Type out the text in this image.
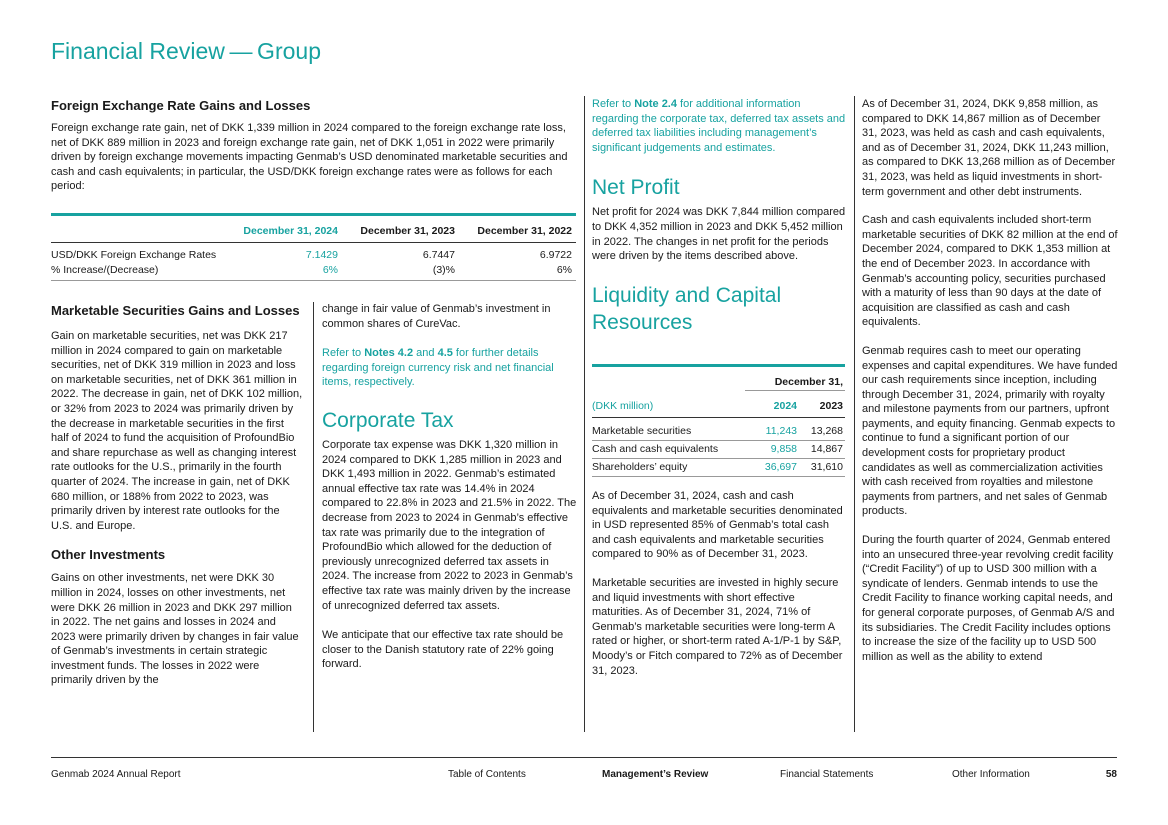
Financial Review — Group
Foreign Exchange Rate Gains and Losses

Foreign exchange rate gain, net of DKK 1,339 million in 2024 compared to the foreign exchange rate loss, net of DKK 889 million in 2023 and foreign exchange rate gain, net of DKK 1,051 in 2022 were primarily driven by foreign exchange movements impacting Genmab’s USD denominated marketable securities and cash and cash equivalents; in particular, the USD/DKK foreign exchange rates were as follows for each period:

	December 31, 2024	December 31, 2023	December 31, 2022
USD/DKK Foreign Exchange Rates	7.1429	6.7447	6.9722
% Increase/(Decrease)	6%	(3)%	6%
Marketable Securities Gains and Losses

Gain on marketable securities, net was DKK 217 million in 2024 compared to gain on marketable securities, net of DKK 319 million in 2023 and loss on marketable securities, net of DKK 361 million in 2022. The decrease in gain, net of DKK 102 million, or 32% from 2023 to 2024 was primarily driven by the decrease in marketable securities in the first half of 2024 to fund the acquisition of ProfoundBio and share repurchase as well as changing interest rate outlooks for the U.S., primarily in the fourth quarter of 2024. The increase in gain, net of DKK 680 million, or 188% from 2022 to 2023, was primarily driven by interest rate outlooks for the U.S. and Europe.

Other Investments

Gains on other investments, net were DKK 30 million in 2024, losses on other investments, net were DKK 26 million in 2023 and DKK 297 million in 2022. The net gains and losses in 2024 and 2023 were primarily driven by changes in fair value of Genmab’s investments in certain strategic investment funds. The losses in 2022 were primarily driven by the

change in fair value of Genmab’s investment in common shares of CureVac.

Refer to Notes 4.2 and 4.5 for further details regarding foreign currency risk and net financial items, respectively.

Corporate Tax

Corporate tax expense was DKK 1,320 million in 2024 compared to DKK 1,285 million in 2023 and DKK 1,493 million in 2022. Genmab’s estimated annual effective tax rate was 14.4% in 2024 compared to 22.8% in 2023 and 21.5% in 2022. The decrease from 2023 to 2024 in Genmab’s effective tax rate was primarily due to the integration of ProfoundBio which allowed for the deduction of previously unrecognized deferred tax assets in 2024. The increase from 2022 to 2023 in Genmab’s effective tax rate was mainly driven by the increase of unrecognized deferred tax assets.

We anticipate that our effective tax rate should be closer to the Danish statutory rate of 22% going forward.

Refer to Note 2.4 for additional information regarding the corporate tax, deferred tax assets and deferred tax liabilities including management’s significant judgements and estimates.

Net Profit

Net profit for 2024 was DKK 7,844 million compared to DKK 4,352 million in 2023 and DKK 5,452 million in 2022. The changes in net profit for the periods were driven by the items described above.

Liquidity and Capital Resources
	December 31,	
(DKK million)	2024	2023
Marketable securities	11,243	13,268
Cash and cash equivalents	9,858	14,867
Shareholders’ equity	36,697	31,610

As of December 31, 2024, cash and cash equivalents and marketable securities denominated in USD represented 85% of Genmab’s total cash and cash equivalents and marketable securities compared to 90% as of December 31, 2023.

Marketable securities are invested in highly secure and liquid investments with short effective maturities. As of December 31, 2024, 71% of Genmab’s marketable securities were long-term A rated or higher, or short-term rated A-1/P-1 by S&P, Moody’s or Fitch compared to 72% as of December 31, 2023.

As of December 31, 2024, DKK 9,858 million, as compared to DKK 14,867 million as of December 31, 2023, was held as cash and cash equivalents, and as of December 31, 2024, DKK 11,243 million, as compared to DKK 13,268 million as of December 31, 2023, was held as liquid investments in short-term government and other debt instruments.

Cash and cash equivalents included short-term marketable securities of DKK 82 million at the end of December 2024, compared to DKK 1,353 million at the end of December 2023. In accordance with Genmab’s accounting policy, securities purchased with a maturity of less than 90 days at the date of acquisition are classified as cash and cash equivalents.

Genmab requires cash to meet our operating expenses and capital expenditures. We have funded our cash requirements since inception, including through December 31, 2024, primarily with royalty and milestone payments from our partners, upfront payments, and equity financing. Genmab expects to continue to fund a significant portion of our development costs for proprietary product candidates as well as commercialization activities with cash received from royalties and milestone payments from partners, and net sales of Genmab products.

During the fourth quarter of 2024, Genmab entered into an unsecured three-year revolving credit facility (“Credit Facility”) of up to USD 300 million with a syndicate of lenders. Genmab intends to use the Credit Facility to finance working capital needs, and for general corporate purposes, of Genmab A/S and its subsidiaries. The Credit Facility includes options to increase the size of the facility up to USD 500 million as well as the ability to extend

Genmab 2024 Annual Report	Table of Contents	Management’s Review	Financial Statements	Other Information	58
